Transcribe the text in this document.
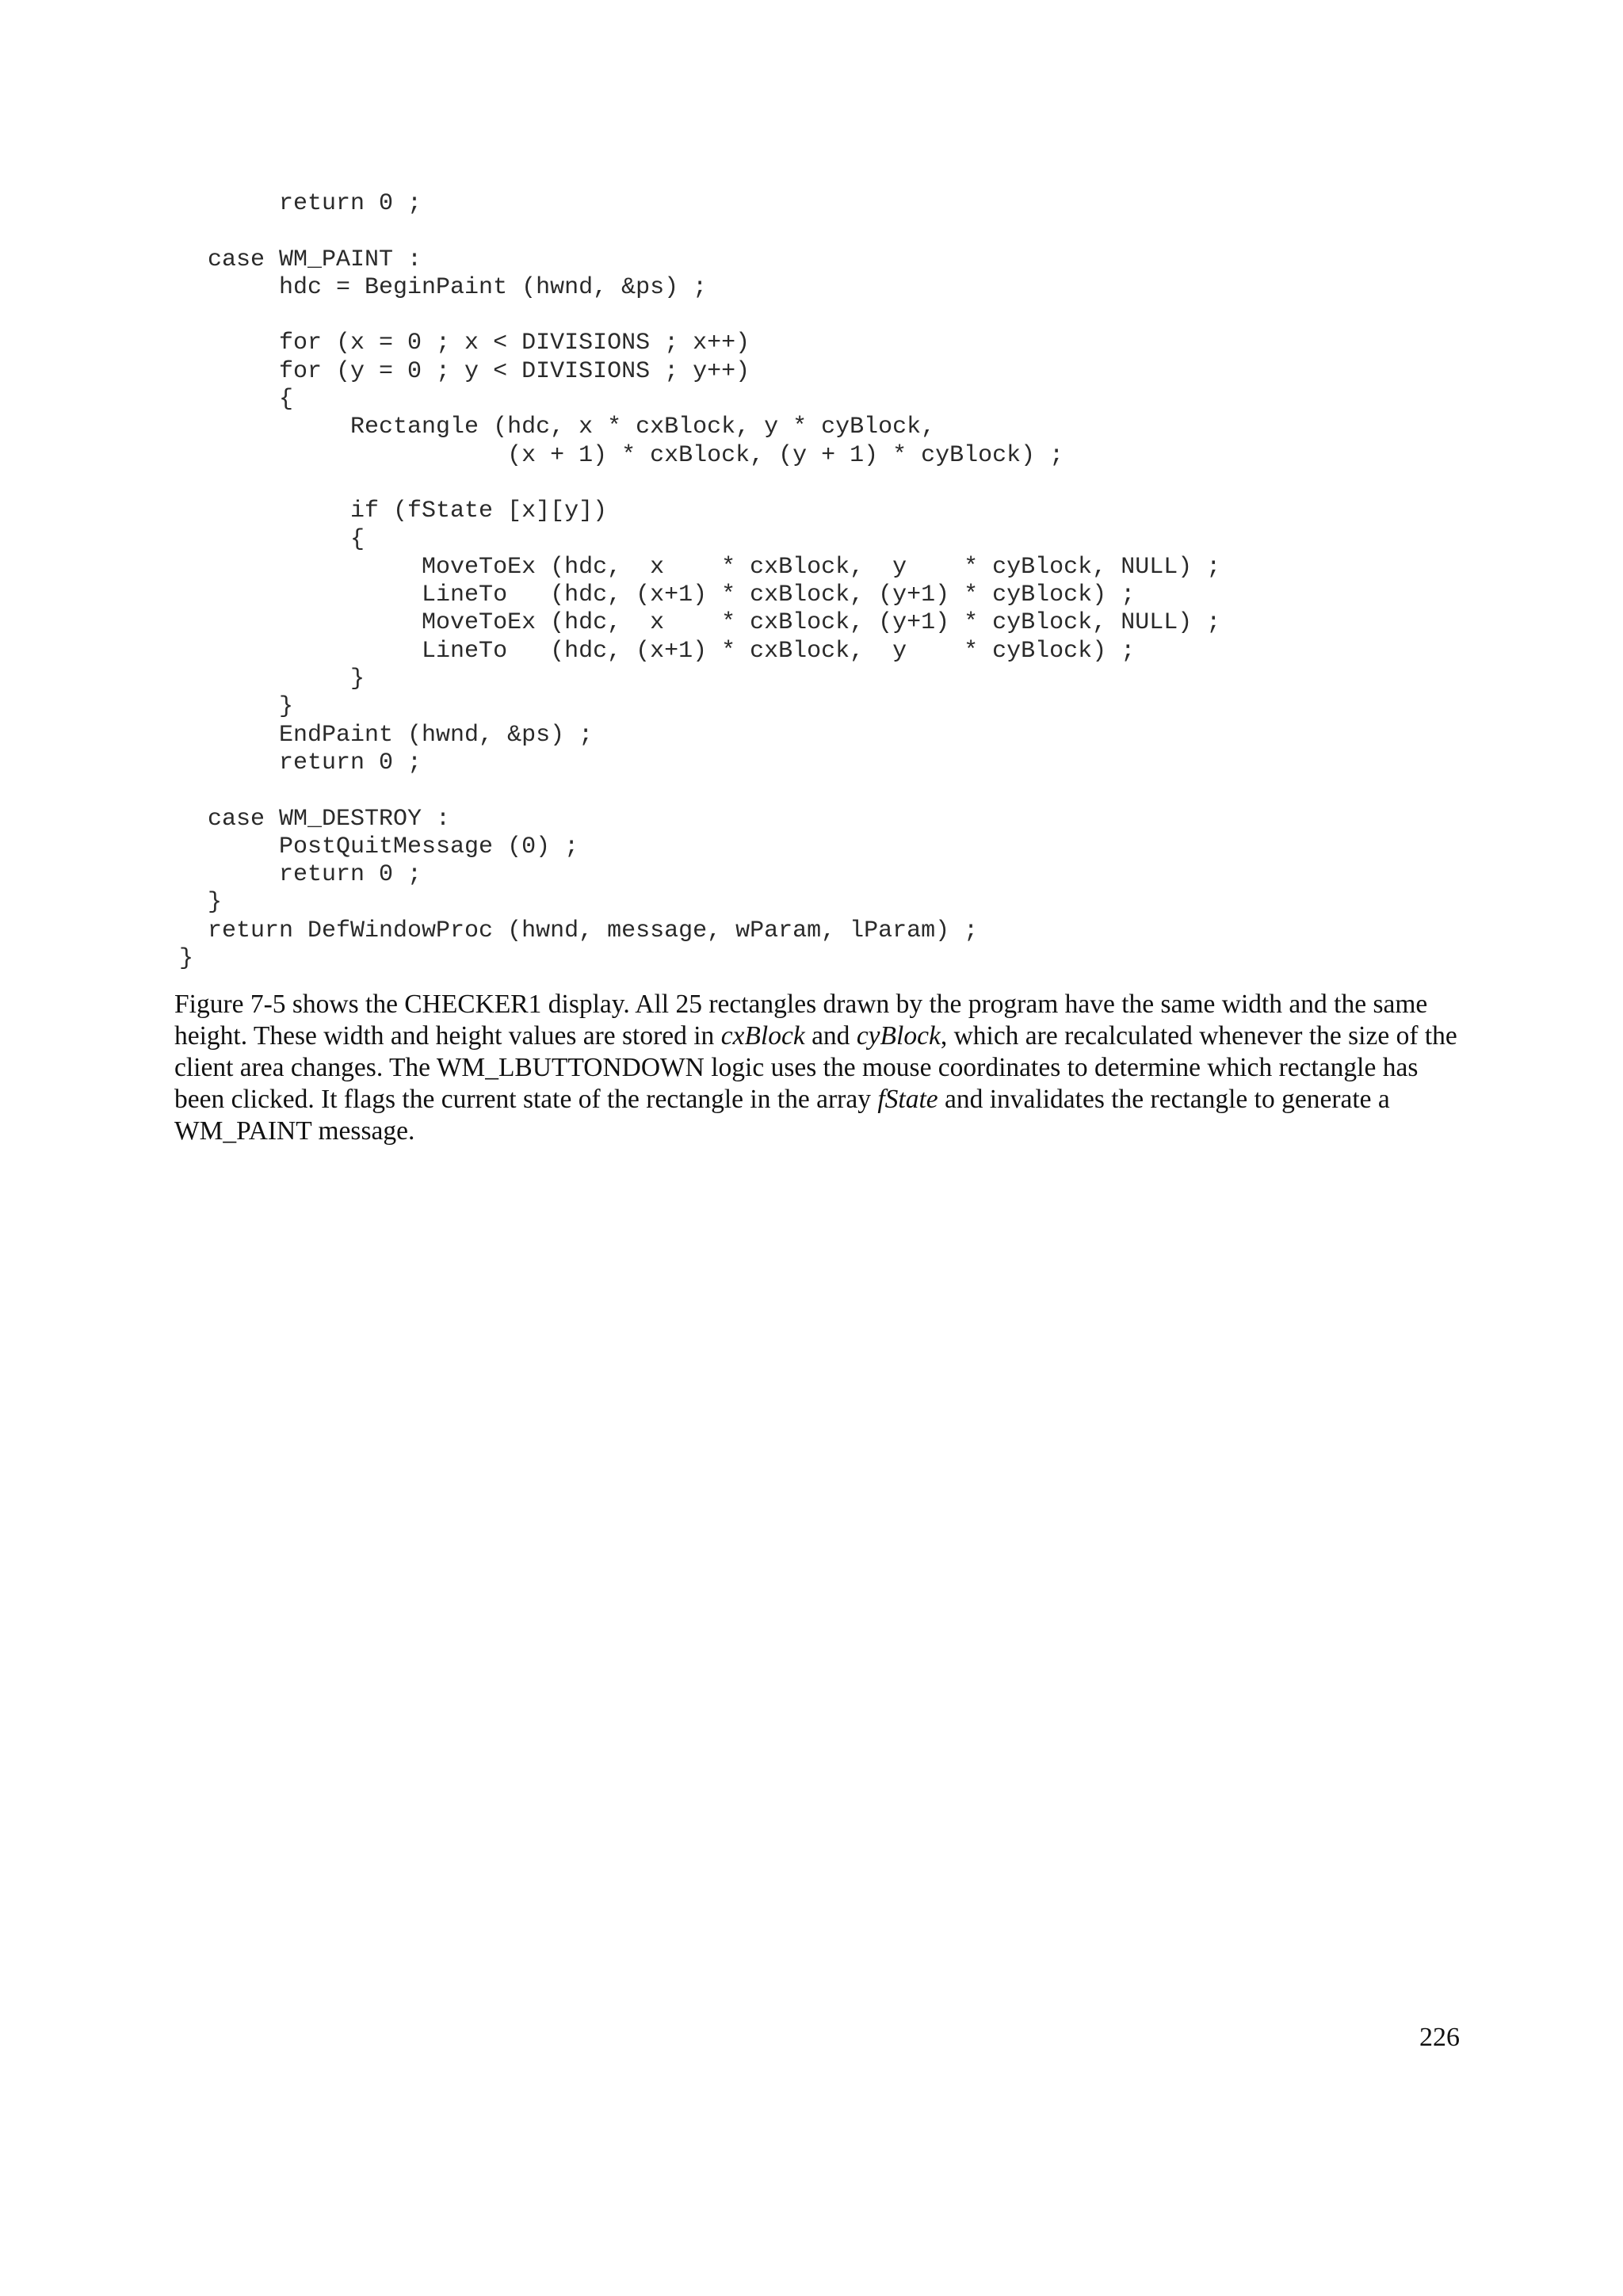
return 0 ;
case WM_PAINT :
hdc = BeginPaint (hwnd, &ps) ;
for (x = 0 ; x < DIVISIONS ; x++)
for (y = 0 ; y < DIVISIONS ; y++)
{
Rectangle (hdc, x * cxBlock, y * cyBlock,
(x + 1) * cxBlock, (y + 1) * cyBlock) ;
if (fState [x][y])
{
MoveToEx (hdc,  x    * cxBlock,  y    * cyBlock, NULL) ;
LineTo   (hdc, (x+1) * cxBlock, (y+1) * cyBlock) ;
MoveToEx (hdc,  x    * cxBlock, (y+1) * cyBlock, NULL) ;
LineTo   (hdc, (x+1) * cxBlock,  y    * cyBlock) ;
}
}
EndPaint (hwnd, &ps) ;
return 0 ;
case WM_DESTROY :
PostQuitMessage (0) ;
return 0 ;
}
return DefWindowProc (hwnd, message, wParam, lParam) ;
}

Figure 7-5 shows the CHECKER1 display. All 25 rectangles drawn by the program have the same width and the same height. These width and height values are stored in cxBlock and cyBlock, which are recalculated whenever the size of the client area changes. The WM_LBUTTONDOWN logic uses the mouse coordinates to determine which rectangle has been clicked. It flags the current state of the rectangle in the array fState and invalidates the rectangle to generate a WM_PAINT message.

226
